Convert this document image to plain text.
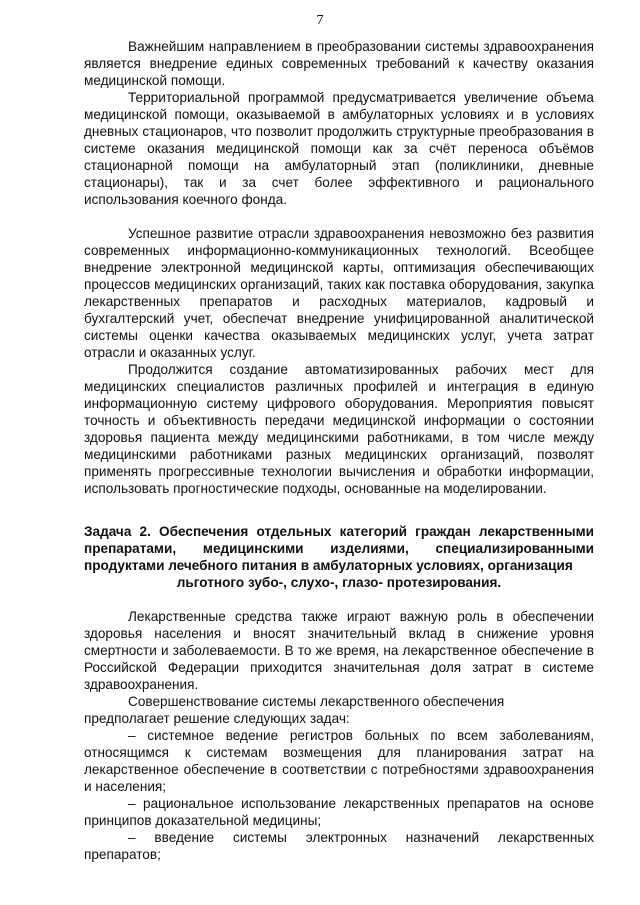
7

Важнейшим направлением в преобразовании системы здравоохранения является внедрение единых современных требований к качеству оказания медицинской помощи.

Территориальной программой предусматривается увеличение объема медицинской помощи, оказываемой в амбулаторных условиях и в условиях дневных стационаров, что позволит продолжить структурные преобразования в системе оказания медицинской помощи как за счёт переноса объёмов стационарной помощи на амбулаторный этап (поликлиники, дневные стационары), так и за счет более эффективного и рационального использования коечного фонда.

Успешное развитие отрасли здравоохранения невозможно без развития современных информационно-коммуникационных технологий. Всеобщее внедрение электронной медицинской карты, оптимизация обеспечивающих процессов медицинских организаций, таких как поставка оборудования, закупка лекарственных препаратов и расходных материалов, кадровый и бухгалтерский учет, обеспечат внедрение унифицированной аналитической системы оценки качества оказываемых медицинских услуг, учета затрат отрасли и оказанных услуг.

Продолжится создание автоматизированных рабочих мест для медицинских специалистов различных профилей и интеграция в единую информационную систему цифрового оборудования. Мероприятия повысят точность и объективность передачи медицинской информации о состоянии здоровья пациента между медицинскими работниками, в том числе между медицинскими работниками разных медицинских организаций, позволят применять прогрессивные технологии вычисления и обработки информации, использовать прогностические подходы, основанные на моделировании.

Задача 2. Обеспечения отдельных категорий граждан лекарственными препаратами, медицинскими изделиями, специализированными продуктами лечебного питания в амбулаторных условиях, организация
льготного зубо-, слухо-, глазо- протезирования.

Лекарственные средства также играют важную роль в обеспечении здоровья населения и вносят значительный вклад в снижение уровня смертности и заболеваемости. В то же время, на лекарственное обеспечение в Российской Федерации приходится значительная доля затрат в системе здравоохранения.

Совершенствование системы лекарственного обеспечения

предполагает решение следующих задач:

– системное ведение регистров больных по всем заболеваниям, относящимся к системам возмещения для планирования затрат на лекарственное обеспечение в соответствии с потребностями здравоохранения и населения;

– рациональное использование лекарственных препаратов на основе принципов доказательной медицины;

– введение системы электронных назначений лекарственных препаратов;
